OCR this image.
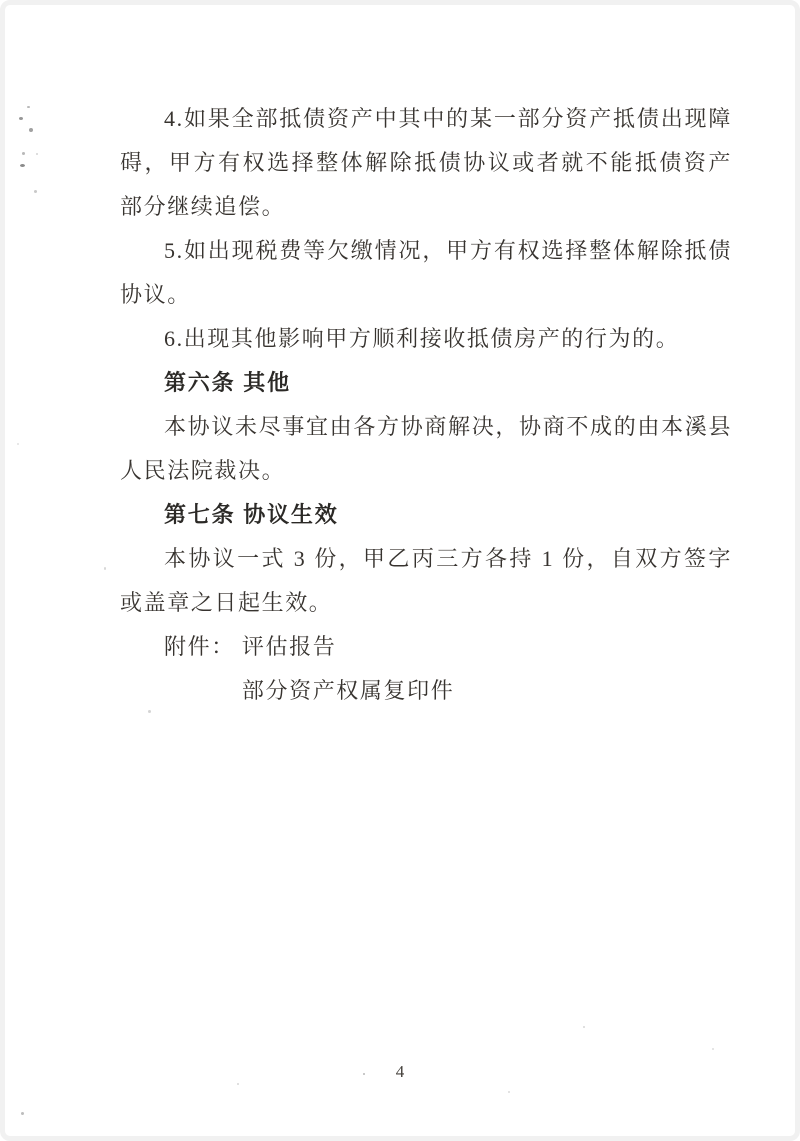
4.如果全部抵债资产中其中的某一部分资产抵债出现障碍，甲方有权选择整体解除抵债协议或者就不能抵债资产部分继续追偿。

5.如出现税费等欠缴情况，甲方有权选择整体解除抵债协议。

6.出现其他影响甲方顺利接收抵债房产的行为的。

第六条 其他

本协议未尽事宜由各方协商解决，协商不成的由本溪县人民法院裁决。

第七条 协议生效

本协议一式 3 份，甲乙丙三方各持 1 份，自双方签字或盖章之日起生效。

附件： 评估报告
部分资产权属复印件
4
